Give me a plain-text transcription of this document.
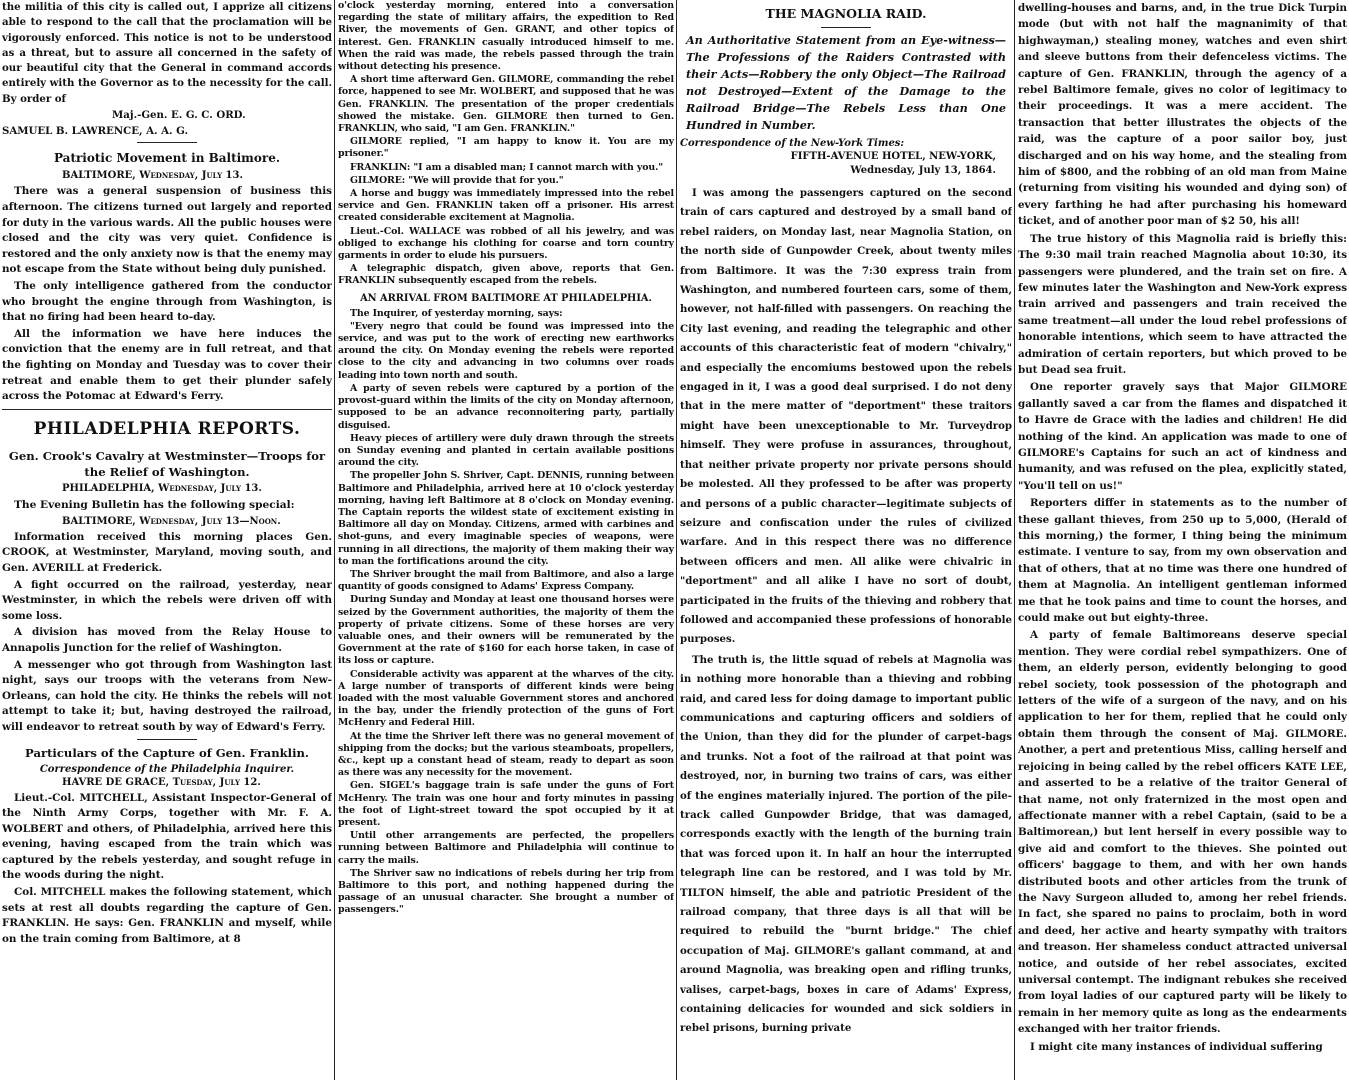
the militia of this city is called out, I apprize all citizens able to respond to the call that the proclamation will be vigorously enforced. This notice is not to be understood as a threat, but to assure all concerned in the safety of our beautiful city that the General in command accords entirely with the Governor as to the necessity for the call. By order of

Maj.-Gen. E. G. C. ORD.

SAMUEL B. LAWRENCE, A. A. G.

Patriotic Movement in Baltimore.

BALTIMORE, Wednesday, July 13.

There was a general suspension of business this afternoon. The citizens turned out largely and reported for duty in the various wards. All the public houses were closed and the city was very quiet. Confidence is restored and the only anxiety now is that the enemy may not escape from the State without being duly punished.

The only intelligence gathered from the conductor who brought the engine through from Washington, is that no firing had been heard to-day.

All the information we have here induces the conviction that the enemy are in full retreat, and that the fighting on Monday and Tuesday was to cover their retreat and enable them to get their plunder safely across the Potomac at Edward's Ferry.

PHILADELPHIA REPORTS.
Gen. Crook's Cavalry at Westminster—Troops for the Relief of Washington.

PHILADELPHIA, Wednesday, July 13.

The Evening Bulletin has the following special:

BALTIMORE, Wednesday, July 13—Noon.

Information received this morning places Gen. CROOK, at Westminster, Maryland, moving south, and Gen. AVERILL at Frederick.

A fight occurred on the railroad, yesterday, near Westminster, in which the rebels were driven off with some loss.

A division has moved from the Relay House to Annapolis Junction for the relief of Washington.

A messenger who got through from Washington last night, says our troops with the veterans from New-Orleans, can hold the city. He thinks the rebels will not attempt to take it; but, having destroyed the railroad, will endeavor to retreat south by way of Edward's Ferry.

Particulars of the Capture of Gen. Franklin.

Correspondence of the Philadelphia Inquirer.

HAVRE DE GRACE, Tuesday, July 12.

Lieut.-Col. MITCHELL, Assistant Inspector-General of the Ninth Army Corps, together with Mr. F. A. WOLBERT and others, of Philadelphia, arrived here this evening, having escaped from the train which was captured by the rebels yesterday, and sought refuge in the woods during the night.

Col. MITCHELL makes the following statement, which sets at rest all doubts regarding the capture of Gen. FRANKLIN. He says: Gen. FRANKLIN and myself, while on the train coming from Baltimore, at 8

o'clock yesterday morning, entered into a conversation regarding the state of military affairs, the expedition to Red River, the movements of Gen. GRANT, and other topics of interest. Gen. FRANKLIN casually introduced himself to me. When the raid was made, the rebels passed through the train without detecting his presence.

A short time afterward Gen. GILMORE, commanding the rebel force, happened to see Mr. WOLBERT, and supposed that he was Gen. FRANKLIN. The presentation of the proper credentials showed the mistake. Gen. GILMORE then turned to Gen. FRANKLIN, who said, "I am Gen. FRANKLIN."

GILMORE replied, "I am happy to know it. You are my prisoner."

FRANKLIN: "I am a disabled man; I cannot march with you."

GILMORE: "We will provide that for you."

A horse and buggy was immediately impressed into the rebel service and Gen. FRANKLIN taken off a prisoner. His arrest created considerable excitement at Magnolia.

Lieut.-Col. WALLACE was robbed of all his jewelry, and was obliged to exchange his clothing for coarse and torn country garments in order to elude his pursuers.

A telegraphic dispatch, given above, reports that Gen. FRANKLIN subsequently escaped from the rebels.

AN ARRIVAL FROM BALTIMORE AT PHILADELPHIA.

The Inquirer, of yesterday morning, says:

"Every negro that could be found was impressed into the service, and was put to the work of erecting new earthworks around the city. On Monday evening the rebels were reported close to the city and advancing in two columns over roads leading into town north and south.

A party of seven rebels were captured by a portion of the provost-guard within the limits of the city on Monday afternoon, supposed to be an advance reconnoitering party, partially disguised.

Heavy pieces of artillery were duly drawn through the streets on Sunday evening and planted in certain available positions around the city.

The propeller John S. Shriver, Capt. DENNIS, running between Baltimore and Philadelphia, arrived here at 10 o'clock yesterday morning, having left Baltimore at 8 o'clock on Monday evening. The Captain reports the wildest state of excitement existing in Baltimore all day on Monday. Citizens, armed with carbines and shot-guns, and every imaginable species of weapons, were running in all directions, the majority of them making their way to man the fortifications around the city.

The Shriver brought the mail from Baltimore, and also a large quantity of goods consigned to Adams' Express Company.

During Sunday and Monday at least one thousand horses were seized by the Government authorities, the majority of them the property of private citizens. Some of these horses are very valuable ones, and their owners will be remunerated by the Government at the rate of $160 for each horse taken, in case of its loss or capture.

Considerable activity was apparent at the wharves of the city. A large number of transports of different kinds were being loaded with the most valuable Government stores and anchored in the bay, under the friendly protection of the guns of Fort McHenry and Federal Hill.

At the time the Shriver left there was no general movement of shipping from the docks; but the various steamboats, propellers, &c., kept up a constant head of steam, ready to depart as soon as there was any necessity for the movement.

Gen. SIGEL's baggage train is safe under the guns of Fort McHenry. The train was one hour and forty minutes in passing the foot of Light-street toward the spot occupied by it at present.

Until other arrangements are perfected, the propellers running between Baltimore and Philadelphia will continue to carry the mails.

The Shriver saw no indications of rebels during her trip from Baltimore to this port, and nothing happened during the passage of an unusual character. She brought a number of passengers."

THE MAGNOLIA RAID.
An Authoritative Statement from an Eye-witness—The Professions of the Raiders Contrasted with their Acts—Robbery the only Object—The Railroad not Destroyed—Extent of the Damage to the Railroad Bridge—The Rebels Less than One Hundred in Number.

Correspondence of the New-York Times:

FIFTH-AVENUE HOTEL, NEW-YORK,
Wednesday, July 13, 1864.

I was among the passengers captured on the second train of cars captured and destroyed by a small band of rebel raiders, on Monday last, near Magnolia Station, on the north side of Gunpowder Creek, about twenty miles from Baltimore. It was the 7:30 express train from Washington, and numbered fourteen cars, some of them, however, not half-filled with passengers. On reaching the City last evening, and reading the telegraphic and other accounts of this characteristic feat of modern "chivalry," and especially the encomiums bestowed upon the rebels engaged in it, I was a good deal surprised. I do not deny that in the mere matter of "deportment" these traitors might have been unexceptionable to Mr. Turveydrop himself. They were profuse in assurances, throughout, that neither private property nor private persons should be molested. All they professed to be after was property and persons of a public character—legitimate subjects of seizure and confiscation under the rules of civilized warfare. And in this respect there was no difference between officers and men. All alike were chivalric in "deportment" and all alike I have no sort of doubt, participated in the fruits of the thieving and robbery that followed and accompanied these professions of honorable purposes.

The truth is, the little squad of rebels at Magnolia was in nothing more honorable than a thieving and robbing raid, and cared less for doing damage to important public communications and capturing officers and soldiers of the Union, than they did for the plunder of carpet-bags and trunks. Not a foot of the railroad at that point was destroyed, nor, in burning two trains of cars, was either of the engines materially injured. The portion of the pile-track called Gunpowder Bridge, that was damaged, corresponds exactly with the length of the burning train that was forced upon it. In half an hour the interrupted telegraph line can be restored, and I was told by Mr. TILTON himself, the able and patriotic President of the railroad company, that three days is all that will be required to rebuild the "burnt bridge." The chief occupation of Maj. GILMORE's gallant command, at and around Magnolia, was breaking open and rifling trunks, valises, carpet-bags, boxes in care of Adams' Express, containing delicacies for wounded and sick soldiers in rebel prisons, burning private

dwelling-houses and barns, and, in the true Dick Turpin mode (but with not half the magnanimity of that highwayman,) stealing money, watches and even shirt and sleeve buttons from their defenceless victims. The capture of Gen. FRANKLIN, through the agency of a rebel Baltimore female, gives no color of legitimacy to their proceedings. It was a mere accident. The transaction that better illustrates the objects of the raid, was the capture of a poor sailor boy, just discharged and on his way home, and the stealing from him of $800, and the robbing of an old man from Maine (returning from visiting his wounded and dying son) of every farthing he had after purchasing his homeward ticket, and of another poor man of $2 50, his all!

The true history of this Magnolia raid is briefly this: The 9:30 mail train reached Magnolia about 10:30, its passengers were plundered, and the train set on fire. A few minutes later the Washington and New-York express train arrived and passengers and train received the same treatment—all under the loud rebel professions of honorable intentions, which seem to have attracted the admiration of certain reporters, but which proved to be but Dead sea fruit.

One reporter gravely says that Major GILMORE gallantly saved a car from the flames and dispatched it to Havre de Grace with the ladies and children! He did nothing of the kind. An application was made to one of GILMORE's Captains for such an act of kindness and humanity, and was refused on the plea, explicitly stated, "You'll tell on us!"

Reporters differ in statements as to the number of these gallant thieves, from 250 up to 5,000, (Herald of this morning,) the former, I thing being the minimum estimate. I venture to say, from my own observation and that of others, that at no time was there one hundred of them at Magnolia. An intelligent gentleman informed me that he took pains and time to count the horses, and could make out but eighty-three.

A party of female Baltimoreans deserve special mention. They were cordial rebel sympathizers. One of them, an elderly person, evidently belonging to good rebel society, took possession of the photograph and letters of the wife of a surgeon of the navy, and on his application to her for them, replied that he could only obtain them through the consent of Maj. GILMORE. Another, a pert and pretentious Miss, calling herself and rejoicing in being called by the rebel officers KATE LEE, and asserted to be a relative of the traitor General of that name, not only fraternized in the most open and affectionate manner with a rebel Captain, (said to be a Baltimorean,) but lent herself in every possible way to give aid and comfort to the thieves. She pointed out officers' baggage to them, and with her own hands distributed boots and other articles from the trunk of the Navy Surgeon alluded to, among her rebel friends. In fact, she spared no pains to proclaim, both in word and deed, her active and hearty sympathy with traitors and treason. Her shameless conduct attracted universal notice, and outside of her rebel associates, excited universal contempt. The indignant rebukes she received from loyal ladies of our captured party will be likely to remain in her memory quite as long as the endearments exchanged with her traitor friends.

I might cite many instances of individual suffering
